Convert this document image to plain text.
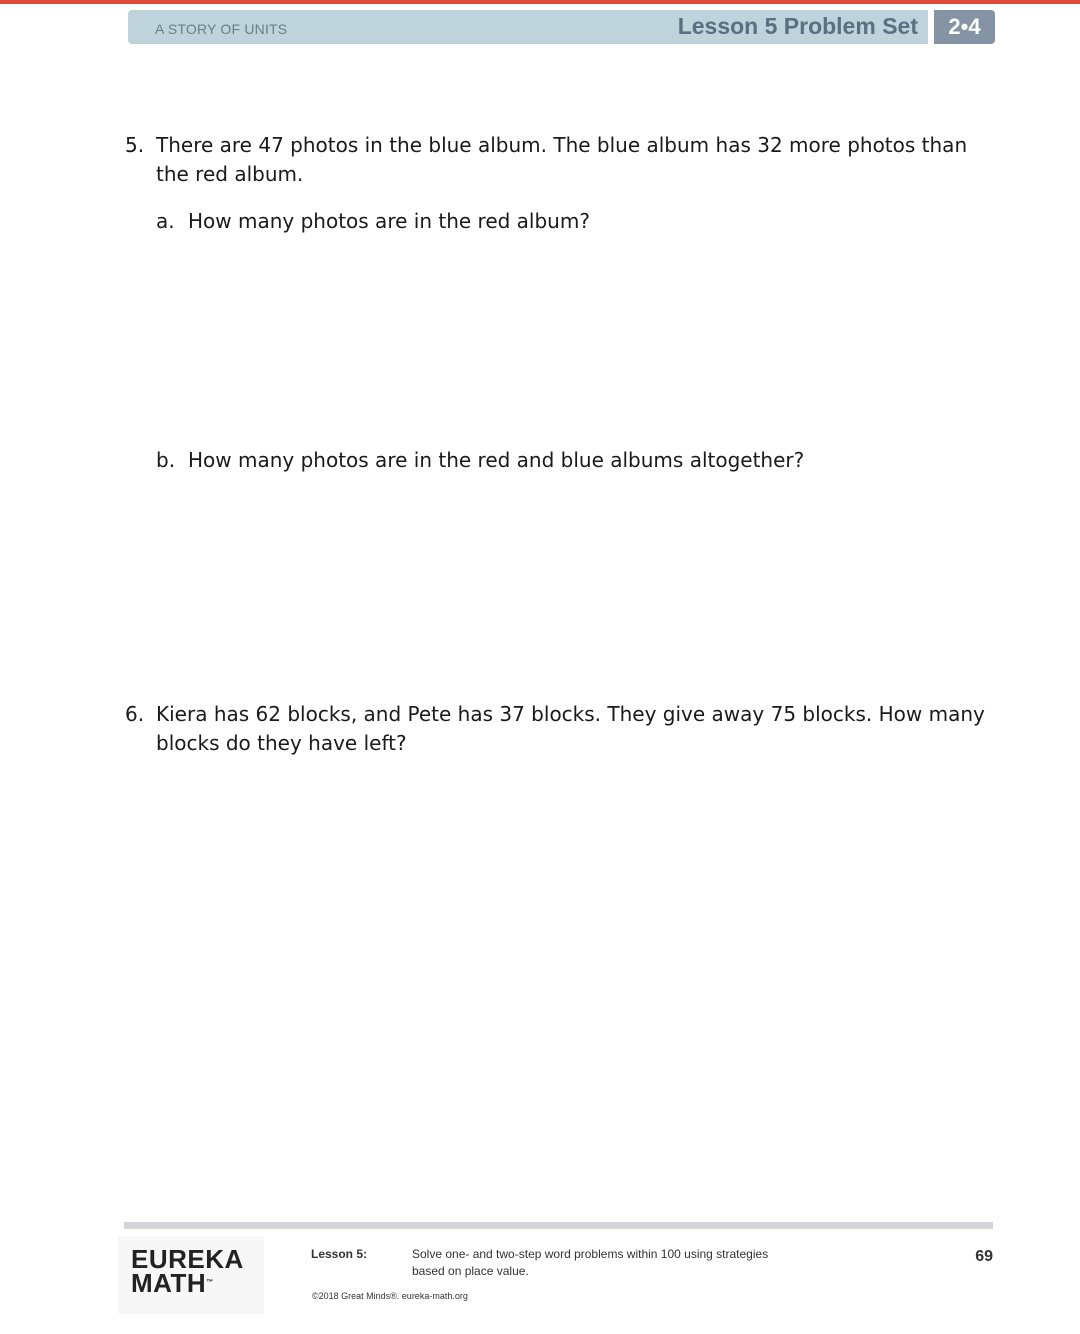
A STORY OF UNITS	Lesson 5 Problem Set	2•4
5. There are 47 photos in the blue album. The blue album has 32 more photos than the red album.
a. How many photos are in the red album?
b. How many photos are in the red and blue albums altogether?
6. Kiera has 62 blocks, and Pete has 37 blocks. They give away 75 blocks. How many blocks do they have left?
EUREKA
MATH™
Lesson 5:	Solve one- and two-step word problems within 100 using strategies
based on place value.
©2018 Great Minds®. eureka-math.org
69
